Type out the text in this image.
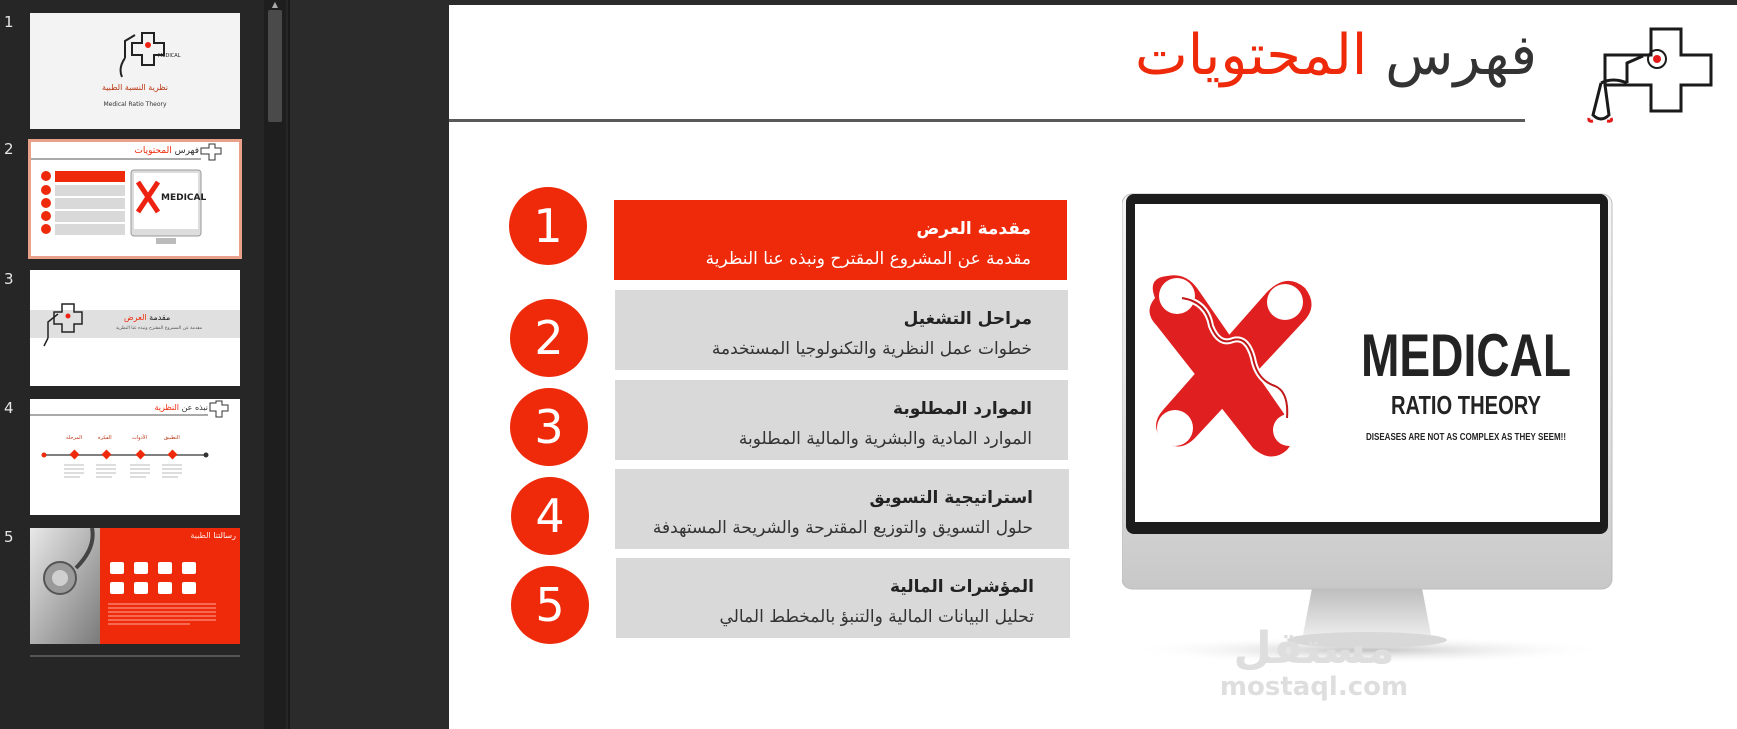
1
MEDICAL
نظرية النسبة الطبية
Medical Ratio Theory
2	فهرس المحتويات
MEDICAL
3
مقدمة العرض
مقدمة عن المشروع المقترح ونبذه عنا النظرية
4	نبذه عن النظرية
المرحلة	الفكرة	الأدوات	التطبيق
5	رسالتنا الطبية
▲
فهرس المحتويات
1	مقدمة العرض
مقدمة عن المشروع المقترح ونبذه عنا النظرية
2	مراحل التشغيل
خطوات عمل النظرية والتكنولوجيا المستخدمة
3	الموارد المطلوبة
الموارد المادية والبشرية والمالية المطلوبة
4	استراتيجية التسويق
حلول التسويق والتوزيع المقترحة والشريحة المستهدفة
5	المؤشرات المالية
تحليل البيانات المالية والتنبؤ بالمخطط المالي
MEDICAL
RATIO THEORY
DISEASES ARE NOT AS COMPLEX AS THEY SEEM!!
مستقل
mostaql.com
